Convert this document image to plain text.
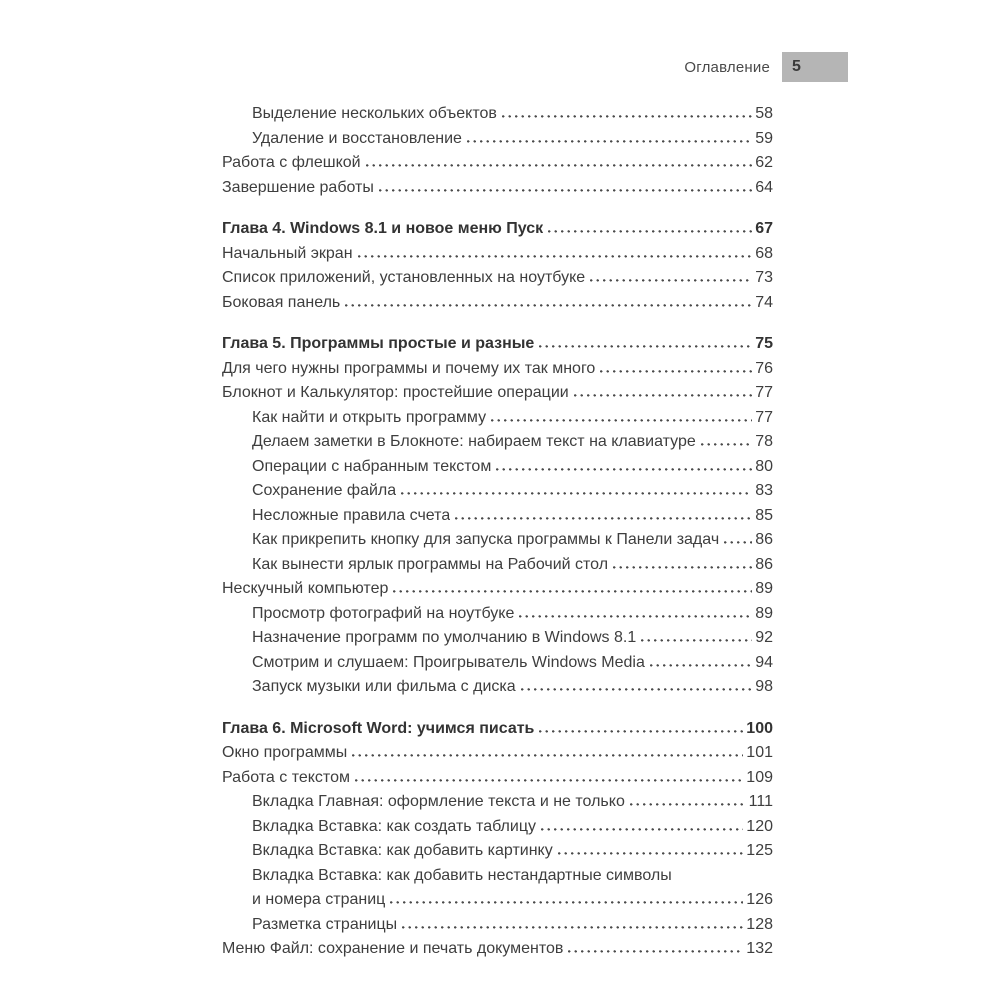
Оглавление 5
Выделение нескольких объектов	58
Удаление и восстановление	59
Работа с флешкой	62
Завершение работы	64
Глава 4. Windows 8.1 и новое меню Пуск	67
Начальный экран	68
Список приложений, установленных на ноутбуке	73
Боковая панель	74
Глава 5. Программы простые и разные	75
Для чего нужны программы и почему их так много	76
Блокнот и Калькулятор: простейшие операции	77
Как найти и открыть программу	77
Делаем заметки в Блокноте: набираем текст на клавиатуре	78
Операции с набранным текстом	80
Сохранение файла	83
Несложные правила счета	85
Как прикрепить кнопку для запуска программы к Панели задач 86
Как вынести ярлык программы на Рабочий стол	86
Нескучный компьютер	89
Просмотр фотографий на ноутбуке	89
Назначение программ по умолчанию в Windows 8.1	92
Смотрим и слушаем: Проигрыватель Windows Media	94
Запуск музыки или фильма с диска	98
Глава 6. Microsoft Word: учимся писать	100
Окно программы	101
Работа с текстом	109
Вкладка Главная: оформление текста и не только	111
Вкладка Вставка: как создать таблицу	120
Вкладка Вставка: как добавить картинку	125
Вкладка Вставка: как добавить нестандартные символы
и номера страниц	126
Разметка страницы	128
Меню Файл: сохранение и печать документов	132
